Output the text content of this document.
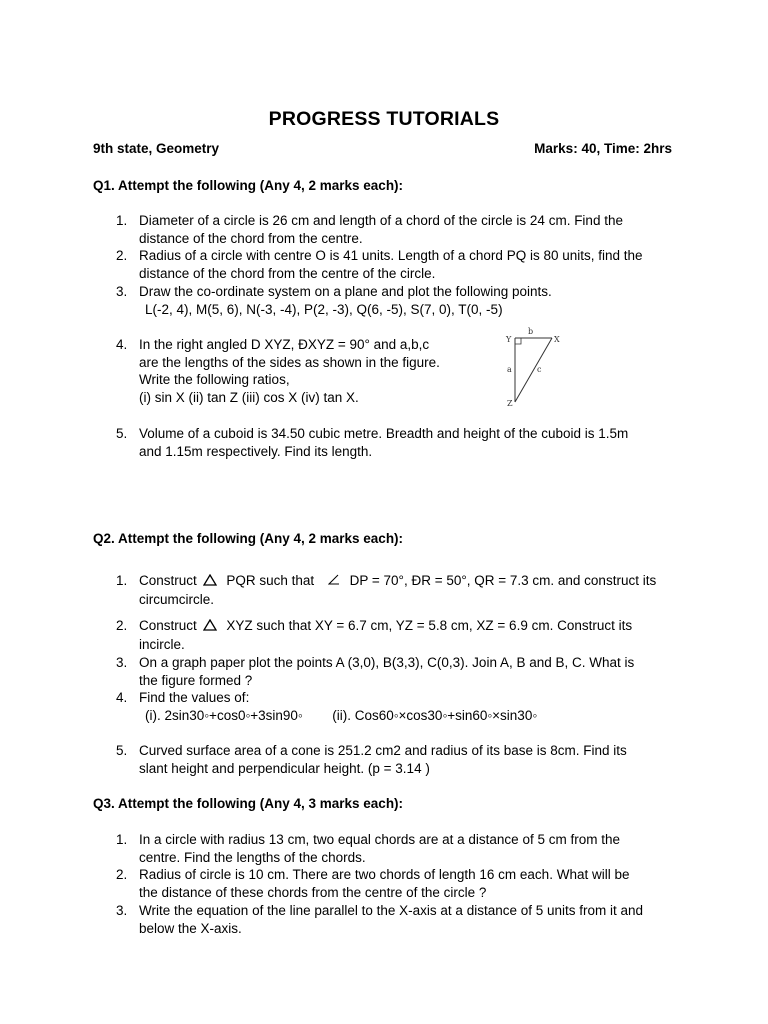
PROGRESS TUTORIALS
9th state, Geometry	Marks: 40, Time: 2hrs
Q1. Attempt the following (Any 4, 2 marks each):
1. Diameter of a circle is 26 cm and length of a chord of the circle is 24 cm. Find the
distance of the chord from the centre.
2. Radius of a circle with centre O is 41 units. Length of a chord PQ is 80 units, find the
distance of the chord from the centre of the circle.
3. Draw the co-ordinate system on a plane and plot the following points.
L(-2, 4), M(5, 6), N(-3, -4), P(2, -3), Q(6, -5), S(7, 0), T(0, -5)
4. In the right angled D XYZ, ÐXYZ = 90° and a,b,c
are the lengths of the sides as shown in the figure.
Write the following ratios,
(i) sin X (ii) tan Z (iii) cos X (iv) tan X.
Y	X
Z
b
a	c
5. Volume of a cuboid is 34.50 cubic metre. Breadth and height of the cuboid is 1.5m
and 1.15m respectively. Find its length.
Q2. Attempt the following (Any 4, 2 marks each):
1. Construct PQR such that	DP = 70°, ÐR = 50°, QR = 7.3 cm. and construct its
circumcircle.
2. Construct XYZ such that XY = 6.7 cm, YZ = 5.8 cm, XZ = 6.9 cm. Construct its
incircle.
3. On a graph paper plot the points A (3,0), B(3,3), C(0,3). Join A, B and B, C. What is
the figure formed ?
4. Find the values of:
(i). 2sin30◦+cos0◦+3sin90◦ (ii). Cos60◦×cos30◦+sin60◦×sin30◦
5. Curved surface area of a cone is 251.2 cm2 and radius of its base is 8cm. Find its
slant height and perpendicular height. (p = 3.14 )
Q3. Attempt the following (Any 4, 3 marks each):
1. In a circle with radius 13 cm, two equal chords are at a distance of 5 cm from the
centre. Find the lengths of the chords.
2. Radius of circle is 10 cm. There are two chords of length 16 cm each. What will be
the distance of these chords from the centre of the circle ?
3. Write the equation of the line parallel to the X-axis at a distance of 5 units from it and
below the X-axis.
